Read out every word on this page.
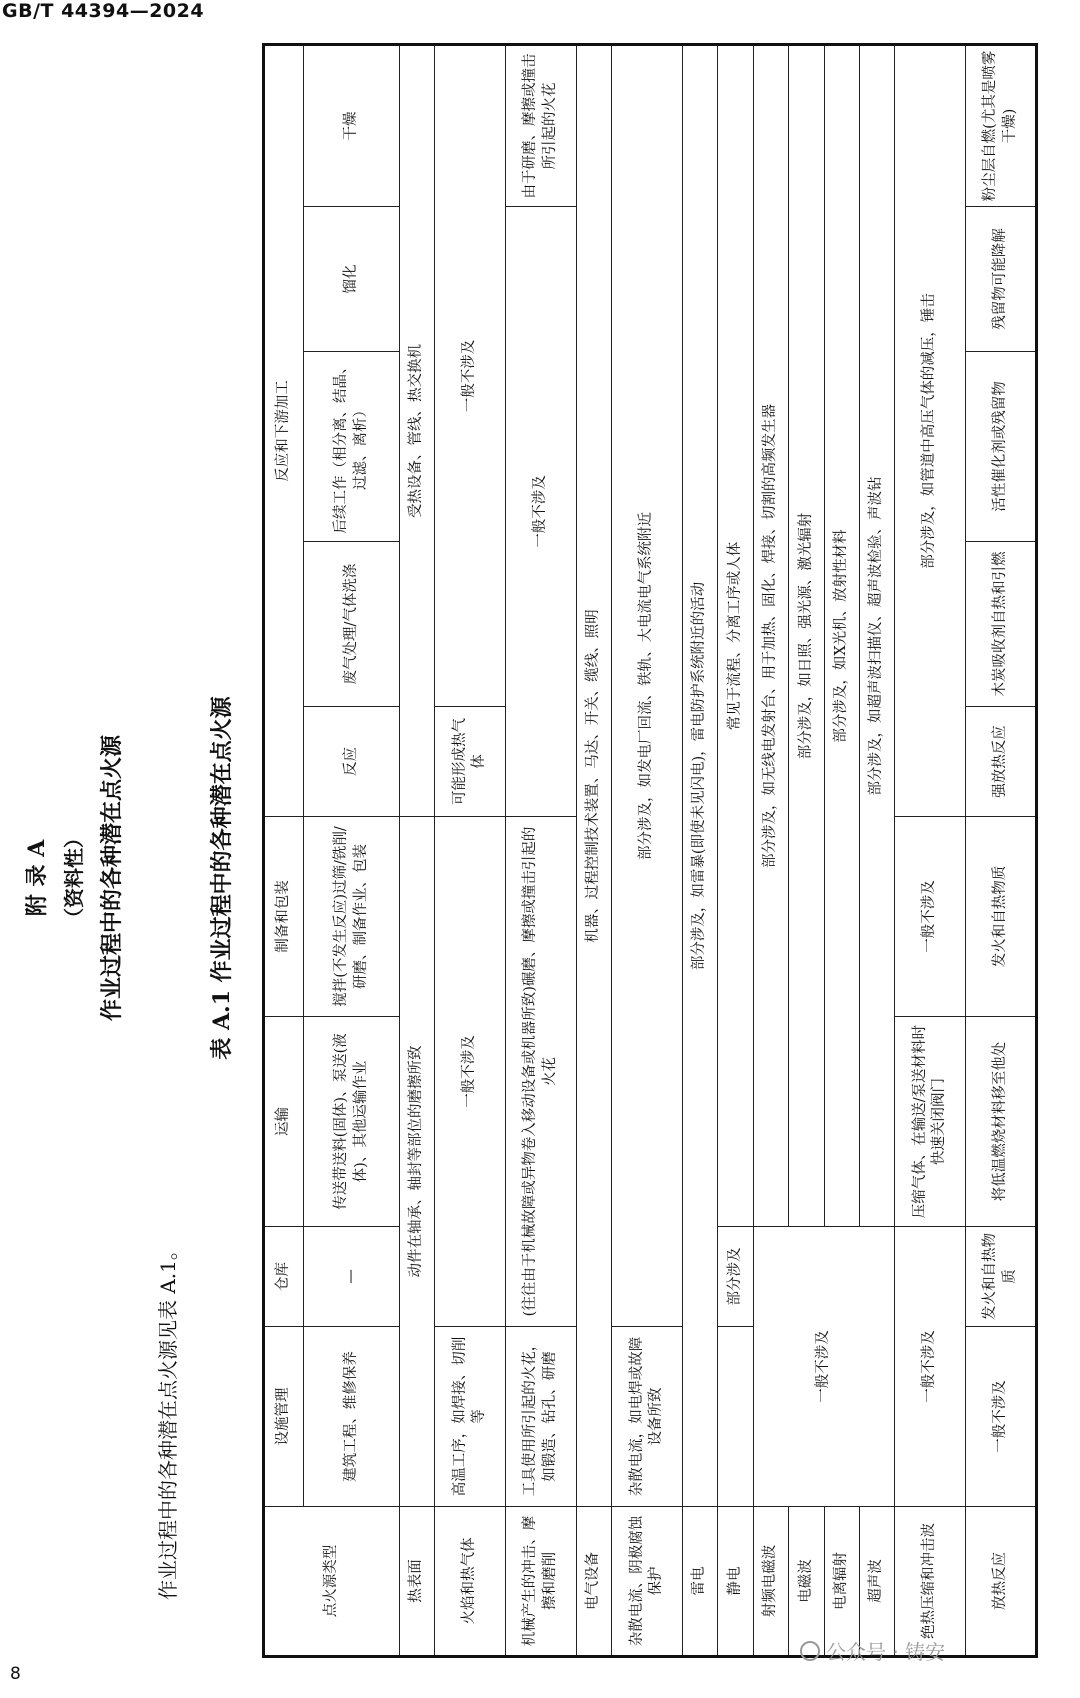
GB/T 44394—2024
附 录 A （资料性） 作业过程中的各种潜在点火源
作业过程中的各种潜在点火源见表 A.1。
表 A.1 作业过程中的各种潜在点火源
点火源类型	设施管理	仓库	运输	制备和包装	反应和下游加工				
	建筑工程、维修保养	—	传送带送料(固体)、泵送(液体)、其他运输作业	搅拌(不发生反应)过筛/铣削/研磨、制备作业、包装	反应	废气处理/气体洗涤	后续工作（相分离、结晶、过滤、离析）	馏化	干燥
热表面	动件在轴承、轴封等部位的磨擦所致				受热设备、管线、热交换机				
火焰和热气体	高温工序，如焊接、切削等	一般不涉及			可能形成热气体	一般不涉及			
机械产生的冲击、摩擦和磨削	工具使用所引起的火花，如锻造、钻孔、研磨	(往往由于机械故障或异物卷入移动设备或机器所致)碾磨、摩擦或撞击引起的火花			一般不涉及				由于研磨、摩擦或撞击所引起的火花
电气设备	机器、过程控制技术装置、马达、开关、缆线、照明								
杂散电流、阴极腐蚀保护	杂散电流，如电焊或故障设备所致	部分涉及，如发电厂回流、铁轨、大电流电气系统附近							
雷电	部分涉及，如雷暴(即使未见闪电)，雷电防护系统附近的活动								
静电		部分涉及	常见于流程、分离工序或人体						
射频电磁波	一般不涉及		部分涉及，如无线电发射台、用于加热、固化、焊接、切割的高频发生器						
电磁波			部分涉及，如日照、强光源、激光辐射						
电离辐射			部分涉及，如X光机、放射性材料						
超声波			部分涉及，如超声波扫描仪、超声波检验、声波钻						
绝热压缩和冲击波	一般不涉及		压缩气体、在输送/泵送材料时快速关闭阀门	一般不涉及	部分涉及，如管道中高压气体的减压，锤击				
放热反应	一般不涉及	发火和自热物质	将低温燃烧材料移至他处	发火和自热物质	强放热反应	木炭吸收剂自热和引燃	活性催化剂或残留物	残留物可能降解	粉尘层自燃(尤其是喷雾干燥)
8
公众号 · 铸安
